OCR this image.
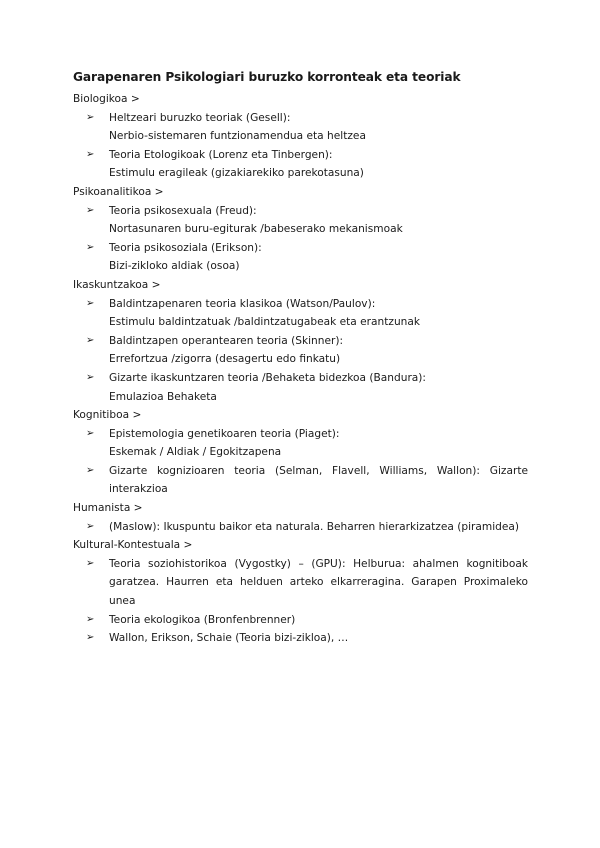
Garapenaren Psikologiari buruzko korronteak eta teoriak
Biologikoa >
➢ Heltzeari buruzko teoriak (Gesell):
Nerbio-sistemaren funtzionamendua eta heltzea
➢ Teoria Etologikoak (Lorenz eta Tinbergen):
Estimulu eragileak (gizakiarekiko parekotasuna)
Psikoanalitikoa >
➢ Teoria psikosexuala (Freud):
Nortasunaren buru-egiturak /babeserako mekanismoak
➢ Teoria psikosoziala (Erikson):
Bizi-zikloko aldiak (osoa)
Ikaskuntzakoa >
➢ Baldintzapenaren teoria klasikoa (Watson/Paulov):
Estimulu baldintzatuak /baldintzatugabeak eta erantzunak
➢ Baldintzapen operantearen teoria (Skinner):
Errefortzua /zigorra (desagertu edo finkatu)
➢ Gizarte ikaskuntzaren teoria /Behaketa bidezkoa (Bandura):
Emulazioa Behaketa
Kognitiboa >
➢ Epistemologia genetikoaren teoria (Piaget):
Eskemak / Aldiak / Egokitzapena
➢ Gizarte kognizioaren teoria (Selman, Flavell, Williams, Wallon): Gizarte interakzioa
Humanista >
➢ (Maslow): Ikuspuntu baikor eta naturala. Beharren hierarkizatzea (piramidea)
Kultural-Kontestuala >
➢ Teoria soziohistorikoa (Vygostky) – (GPU): Helburua: ahalmen kognitiboak garatzea. Haurren eta helduen arteko elkarreragina. Garapen Proximaleko unea
➢ Teoria ekologikoa (Bronfenbrenner)
➢ Wallon, Erikson, Schaie (Teoria bizi-zikloa), …
